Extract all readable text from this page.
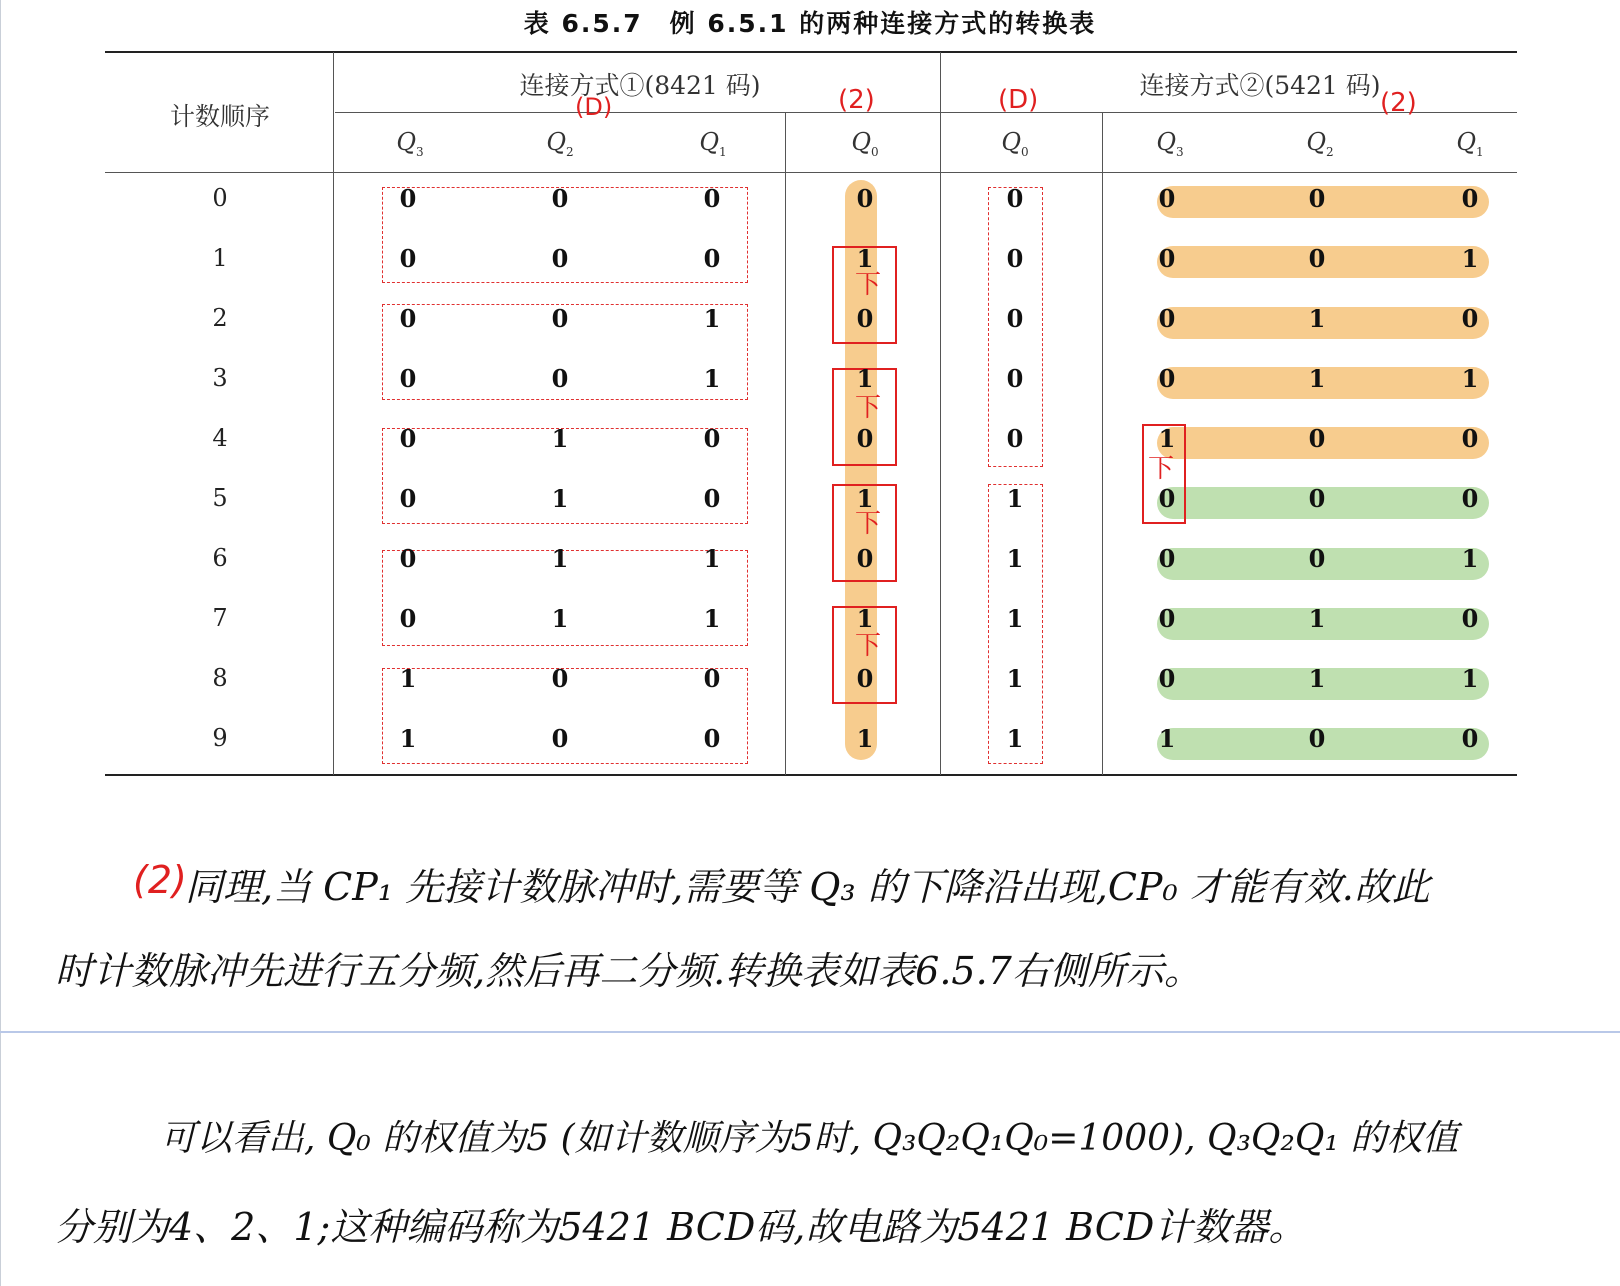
表 6.5.7　例 6.5.1 的两种连接方式的转换表
计数顺序
连接方式①(8421 码)	连接方式②(5421 码)
$Q_3$	$Q_2$	$Q_1$	$Q_0$	$Q_0$	$Q_3$	$Q_2$	$Q_1$
(D)	(2)	(D)	(2)
下
下
下
下
下
0	0	0	0	0	0	0	0	0
1	0	0	0	1	0	0	0	1
2	0	0	1	0	0	0	1	0
3	0	0	1	1	0	0	1	1
4	0	1	0	0	0	1	0	0
5	0	1	0	1	1	0	0	0
6	0	1	1	0	1	0	0	1
7	0	1	1	1	1	0	1	0
8	1	0	0	0	1	0	1	1
9	1	0	0	1	1	1	0	0
(2)
同理,当 CP₁ 先接计数脉冲时,需要等 Q₃ 的下降沿出现,CP₀ 才能有效.故此
时计数脉冲先进行五分频,然后再二分频.转换表如表6.5.7右侧所示。
可以看出, Q₀ 的权值为5 (如计数顺序为5时, Q₃Q₂Q₁Q₀=1000), Q₃Q₂Q₁ 的权值
分别为4、2、1;这种编码称为5421 BCD码,故电路为5421 BCD计数器。
